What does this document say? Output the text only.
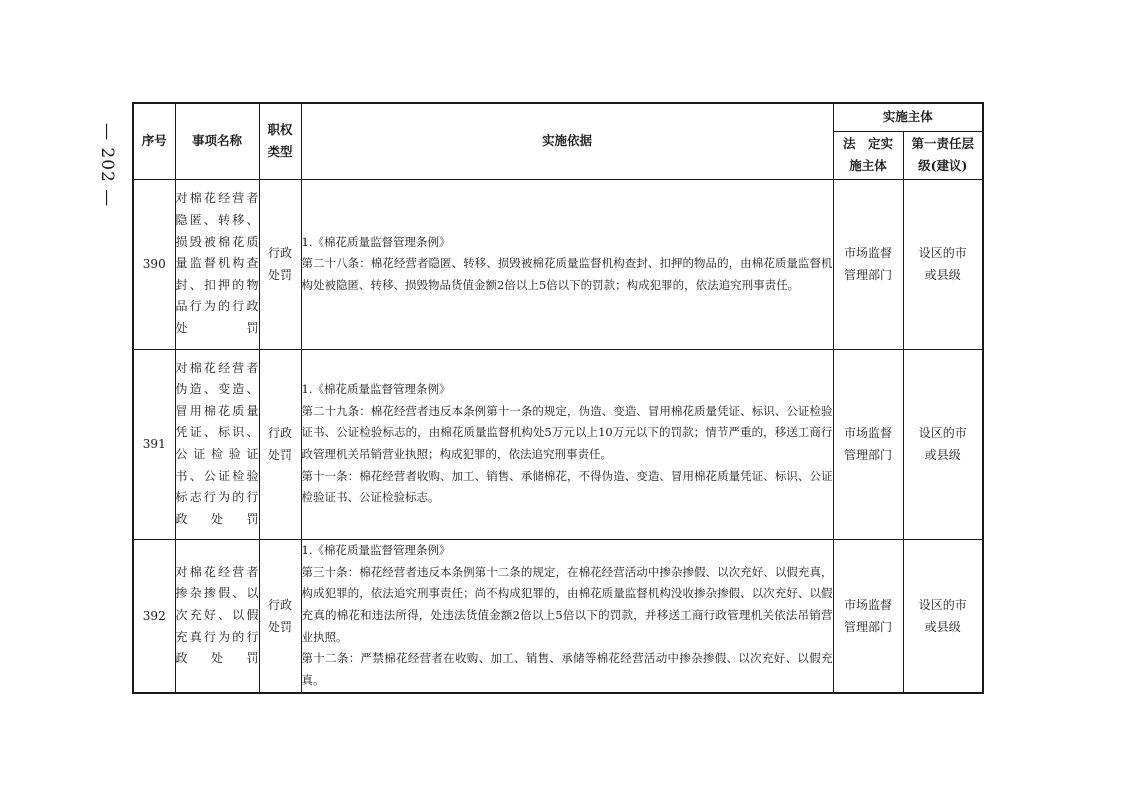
— 202 —	序号	事项名称	职权类型	实施依据	实施主体	
				法　定实施主体	第一责任层级(建议)
390	对棉花经营者隐匿、转移、损毁被棉花质量监督机构查封、扣押的物品行为的行政处罚	行政处罚	1.《棉花质量监督管理条例》

第二十八条：棉花经营者隐匿、转移、损毁被棉花质量监督机构查封、扣押的物品的，由棉花质量监督机构处被隐匿、转移、损毁物品货值金额2倍以上5倍以下的罚款；构成犯罪的，依法追究刑事责任。	市场监督管理部门	设区的市或县级
391	对棉花经营者伪造、变造、冒用棉花质量凭证、标识、公证检验证书、公证检验标志行为的行政处罚	行政处罚	1.《棉花质量监督管理条例》

第二十九条：棉花经营者违反本条例第十一条的规定，伪造、变造、冒用棉花质量凭证、标识、公证检验证书、公证检验标志的，由棉花质量监督机构处5万元以上10万元以下的罚款；情节严重的，移送工商行政管理机关吊销营业执照；构成犯罪的，依法追究刑事责任。

第十一条：棉花经营者收购、加工、销售、承储棉花，不得伪造、变造、冒用棉花质量凭证、标识、公证检验证书、公证检验标志。	市场监督管理部门	设区的市或县级
392	对棉花经营者掺杂掺假、以次充好、以假充真行为的行政处罚	行政处罚	1.《棉花质量监督管理条例》

第三十条：棉花经营者违反本条例第十二条的规定，在棉花经营活动中掺杂掺假、以次充好、以假充真，构成犯罪的，依法追究刑事责任；尚不构成犯罪的，由棉花质量监督机构没收掺杂掺假、以次充好、以假充真的棉花和违法所得，处违法货值金额2倍以上5倍以下的罚款，并移送工商行政管理机关依法吊销营业执照。

第十二条：严禁棉花经营者在收购、加工、销售、承储等棉花经营活动中掺杂掺假、以次充好、以假充真。	市场监督管理部门	设区的市或县级
